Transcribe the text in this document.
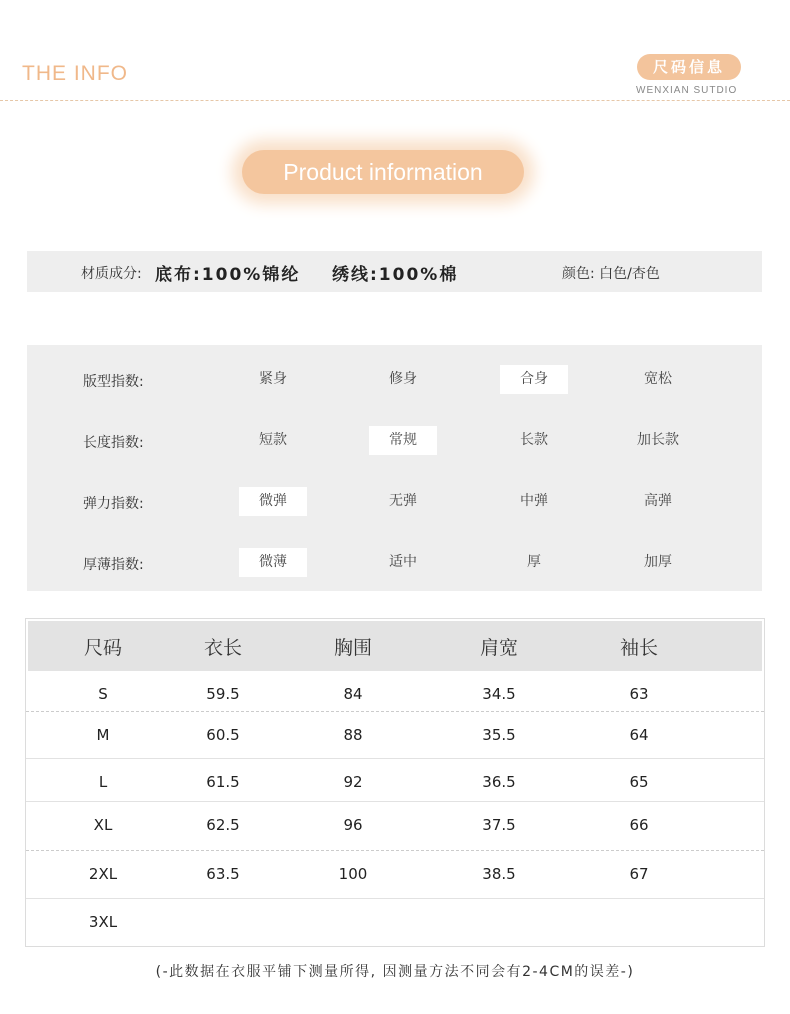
THE INFO	尺码信息
WENXIAN SUTDIO
Product information
材质成分: 底布:100%锦纶 绣线:100%棉	颜色: 白色/杏色
版型指数:	紧身	修身	合身	宽松
长度指数:	短款	常规	长款	加长款
弹力指数:	微弹	无弹	中弹	高弹
厚薄指数:	微薄	适中	厚	加厚
尺码	衣长	胸围	肩宽	袖长
S	59.5	84	34.5	63
M	60.5	88	35.5	64
L	61.5	92	36.5	65
XL	62.5	96	37.5	66
2XL	63.5	100	38.5	67
3XL
(-此数据在衣服平铺下测量所得, 因测量方法不同会有2-4CM的误差-)
